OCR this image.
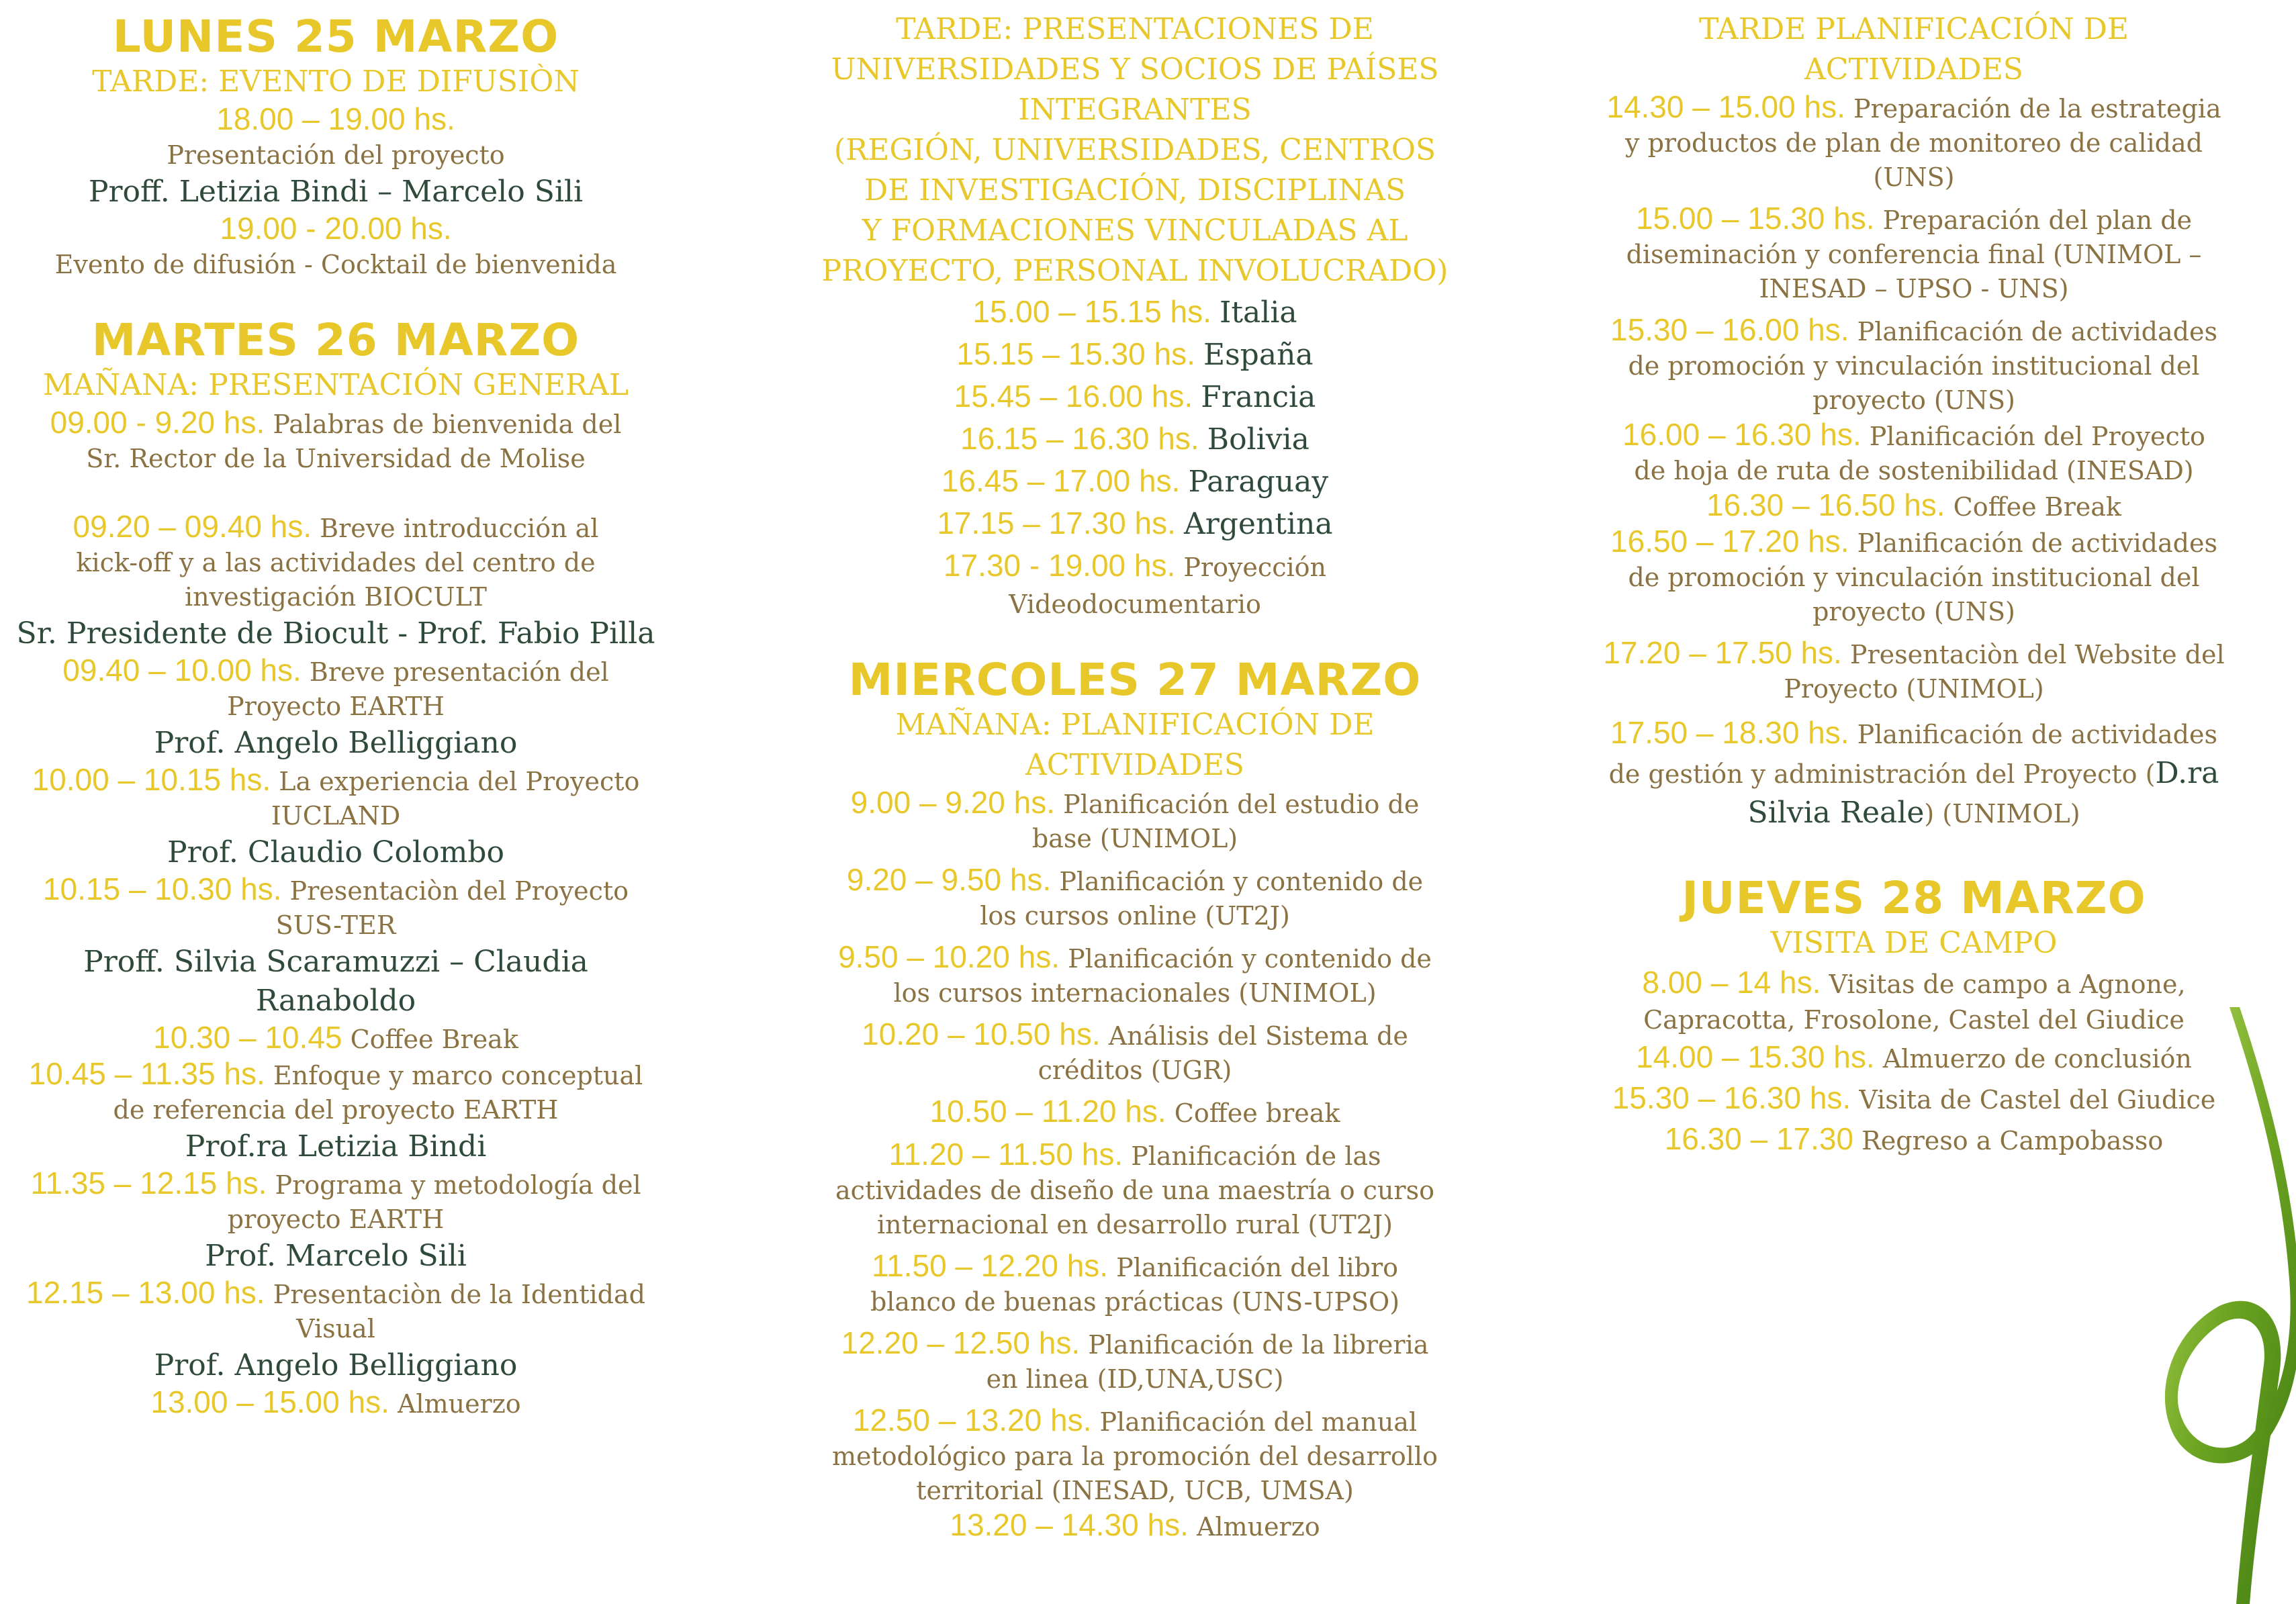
LUNES 25 MARZO

TARDE: EVENTO DE DIFUSIÒN

18.00 – 19.00 hs.

Presentación del proyecto

Proff. Letizia Bindi – Marcelo Sili

19.00 - 20.00 hs.

Evento de difusión - Cocktail de bienvenida

MARTES 26 MARZO

MAÑANA: PRESENTACIÓN GENERAL

09.00 - 9.20 hs. Palabras de bienvenida del

Sr. Rector de la Universidad de Molise

09.20 – 09.40 hs. Breve introducción al

kick-off y a las actividades del centro de

investigación BIOCULT

Sr. Presidente de Biocult - Prof. Fabio Pilla

09.40 – 10.00 hs. Breve presentación del

Proyecto EARTH

Prof. Angelo Belliggiano

10.00 – 10.15 hs. La experiencia del Proyecto

IUCLAND

Prof. Claudio Colombo

10.15 – 10.30 hs. Presentaciòn del Proyecto

SUS-TER

Proff. Silvia Scaramuzzi – Claudia Ranaboldo

10.30 – 10.45 Coffee Break

10.45 – 11.35 hs. Enfoque y marco conceptual

de referencia del proyecto EARTH

Prof.ra Letizia Bindi

11.35 – 12.15 hs. Programa y metodología del

proyecto EARTH

Prof. Marcelo Sili

12.15 – 13.00 hs. Presentaciòn de la Identidad

Visual

Prof. Angelo Belliggiano

13.00 – 15.00 hs. Almuerzo

TARDE: PRESENTACIONES DE

UNIVERSIDADES Y SOCIOS DE PAÍSES

INTEGRANTES

(REGIÓN, UNIVERSIDADES, CENTROS

DE INVESTIGACIÓN, DISCIPLINAS

Y FORMACIONES VINCULADAS AL

PROYECTO, PERSONAL INVOLUCRADO)

15.00 – 15.15 hs. Italia

15.15 – 15.30 hs. España

15.45 – 16.00 hs. Francia

16.15 – 16.30 hs. Bolivia

16.45 – 17.00 hs. Paraguay

17.15 – 17.30 hs. Argentina

17.30 - 19.00 hs. Proyección

Videodocumentario

MIERCOLES 27 MARZO

MAÑANA: PLANIFICACIÓN DE

ACTIVIDADES

9.00 – 9.20 hs. Planificación del estudio de

base (UNIMOL)

9.20 – 9.50 hs. Planificación y contenido de

los cursos online (UT2J)

9.50 – 10.20 hs. Planificación y contenido de

los cursos internacionales (UNIMOL)

10.20 – 10.50 hs. Análisis del Sistema de

créditos (UGR)

10.50 – 11.20 hs. Coffee break

11.20 – 11.50 hs. Planificación de las

actividades de diseño de una maestría o curso

internacional en desarrollo rural (UT2J)

11.50 – 12.20 hs. Planificación del libro

blanco de buenas prácticas (UNS-UPSO)

12.20 – 12.50 hs. Planificación de la libreria

en linea (ID,UNA,USC)

12.50 – 13.20 hs. Planificación del manual

metodológico para la promoción del desarrollo

territorial (INESAD, UCB, UMSA)

13.20 – 14.30 hs. Almuerzo

TARDE PLANIFICACIÓN DE

ACTIVIDADES

14.30 – 15.00 hs. Preparación de la estrategia

y productos de plan de monitoreo de calidad

(UNS)

15.00 – 15.30 hs. Preparación del plan de

diseminación y conferencia final (UNIMOL –

INESAD – UPSO - UNS)

15.30 – 16.00 hs. Planificación de actividades

de promoción y vinculación institucional del

proyecto (UNS)

16.00 – 16.30 hs. Planificación del Proyecto

de hoja de ruta de sostenibilidad (INESAD)

16.30 – 16.50 hs. Coffee Break

16.50 – 17.20 hs. Planificación de actividades

de promoción y vinculación institucional del

proyecto (UNS)

17.20 – 17.50 hs. Presentaciòn del Website del

Proyecto (UNIMOL)

17.50 – 18.30 hs. Planificación de actividades

de gestión y administración del Proyecto (D.ra

Silvia Reale) (UNIMOL)

JUEVES 28 MARZO

VISITA DE CAMPO

8.00 – 14 hs. Visitas de campo a Agnone,

Capracotta, Frosolone, Castel del Giudice

14.00 – 15.30 hs. Almuerzo de conclusión

15.30 – 16.30 hs. Visita de Castel del Giudice

16.30 – 17.30 Regreso a Campobasso
